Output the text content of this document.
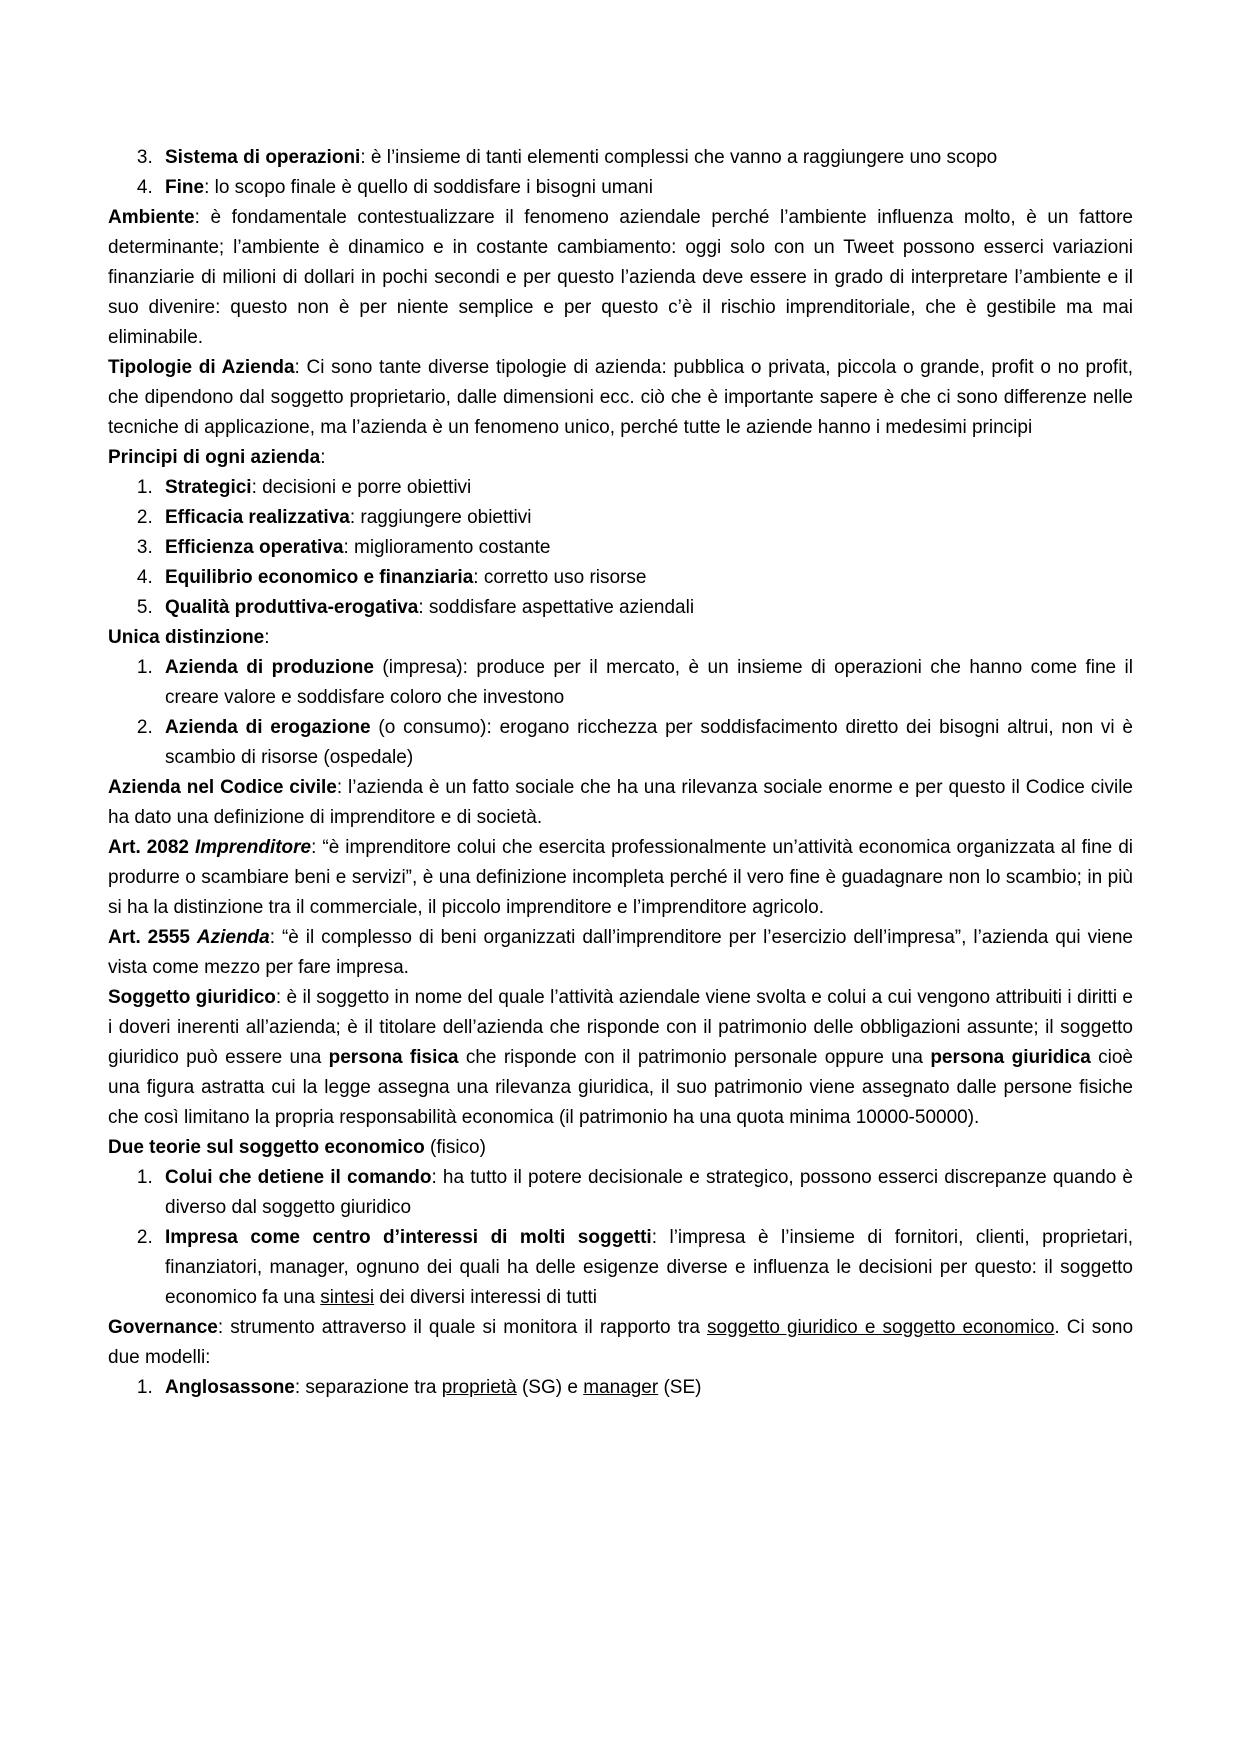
3. Sistema di operazioni: è l’insieme di tanti elementi complessi che vanno a raggiungere uno scopo
4. Fine: lo scopo finale è quello di soddisfare i bisogni umani

Ambiente: è fondamentale contestualizzare il fenomeno aziendale perché l’ambiente influenza molto, è un fattore determinante; l’ambiente è dinamico e in costante cambiamento: oggi solo con un Tweet possono esserci variazioni finanziarie di milioni di dollari in pochi secondi e per questo l’azienda deve essere in grado di interpretare l’ambiente e il suo divenire: questo non è per niente semplice e per questo c’è il rischio imprenditoriale, che è gestibile ma mai eliminabile.

Tipologie di Azienda: Ci sono tante diverse tipologie di azienda: pubblica o privata, piccola o grande, profit o no profit, che dipendono dal soggetto proprietario, dalle dimensioni ecc. ciò che è importante sapere è che ci sono differenze nelle tecniche di applicazione, ma l’azienda è un fenomeno unico, perché tutte le aziende hanno i medesimi principi

Principi di ogni azienda:

1. Strategici: decisioni e porre obiettivi
2. Efficacia realizzativa: raggiungere obiettivi
3. Efficienza operativa: miglioramento costante
4. Equilibrio economico e finanziaria: corretto uso risorse
5. Qualità produttiva-erogativa: soddisfare aspettative aziendali

Unica distinzione:

1. Azienda di produzione (impresa): produce per il mercato, è un insieme di operazioni che hanno come fine il creare valore e soddisfare coloro che investono
2. Azienda di erogazione (o consumo): erogano ricchezza per soddisfacimento diretto dei bisogni altrui, non vi è scambio di risorse (ospedale)

Azienda nel Codice civile: l’azienda è un fatto sociale che ha una rilevanza sociale enorme e per questo il Codice civile ha dato una definizione di imprenditore e di società.

Art. 2082 Imprenditore: “è imprenditore colui che esercita professionalmente un’attività economica organizzata al fine di produrre o scambiare beni e servizi”, è una definizione incompleta perché il vero fine è guadagnare non lo scambio; in più si ha la distinzione tra il commerciale, il piccolo imprenditore e l’imprenditore agricolo.

Art. 2555 Azienda: “è il complesso di beni organizzati dall’imprenditore per l’esercizio dell’impresa”, l’azienda qui viene vista come mezzo per fare impresa.

Soggetto giuridico: è il soggetto in nome del quale l’attività aziendale viene svolta e colui a cui vengono attribuiti i diritti e i doveri inerenti all’azienda; è il titolare dell’azienda che risponde con il patrimonio delle obbligazioni assunte; il soggetto giuridico può essere una persona fisica che risponde con il patrimonio personale oppure una persona giuridica cioè una figura astratta cui la legge assegna una rilevanza giuridica, il suo patrimonio viene assegnato dalle persone fisiche che così limitano la propria responsabilità economica (il patrimonio ha una quota minima 10000-50000).

Due teorie sul soggetto economico (fisico)

1. Colui che detiene il comando: ha tutto il potere decisionale e strategico, possono esserci discrepanze quando è diverso dal soggetto giuridico
2. Impresa come centro d’interessi di molti soggetti: l’impresa è l’insieme di fornitori, clienti, proprietari, finanziatori, manager, ognuno dei quali ha delle esigenze diverse e influenza le decisioni per questo: il soggetto economico fa una sintesi dei diversi interessi di tutti

Governance: strumento attraverso il quale si monitora il rapporto tra soggetto giuridico e soggetto economico. Ci sono due modelli:

1. Anglosassone: separazione tra proprietà (SG) e manager (SE)
